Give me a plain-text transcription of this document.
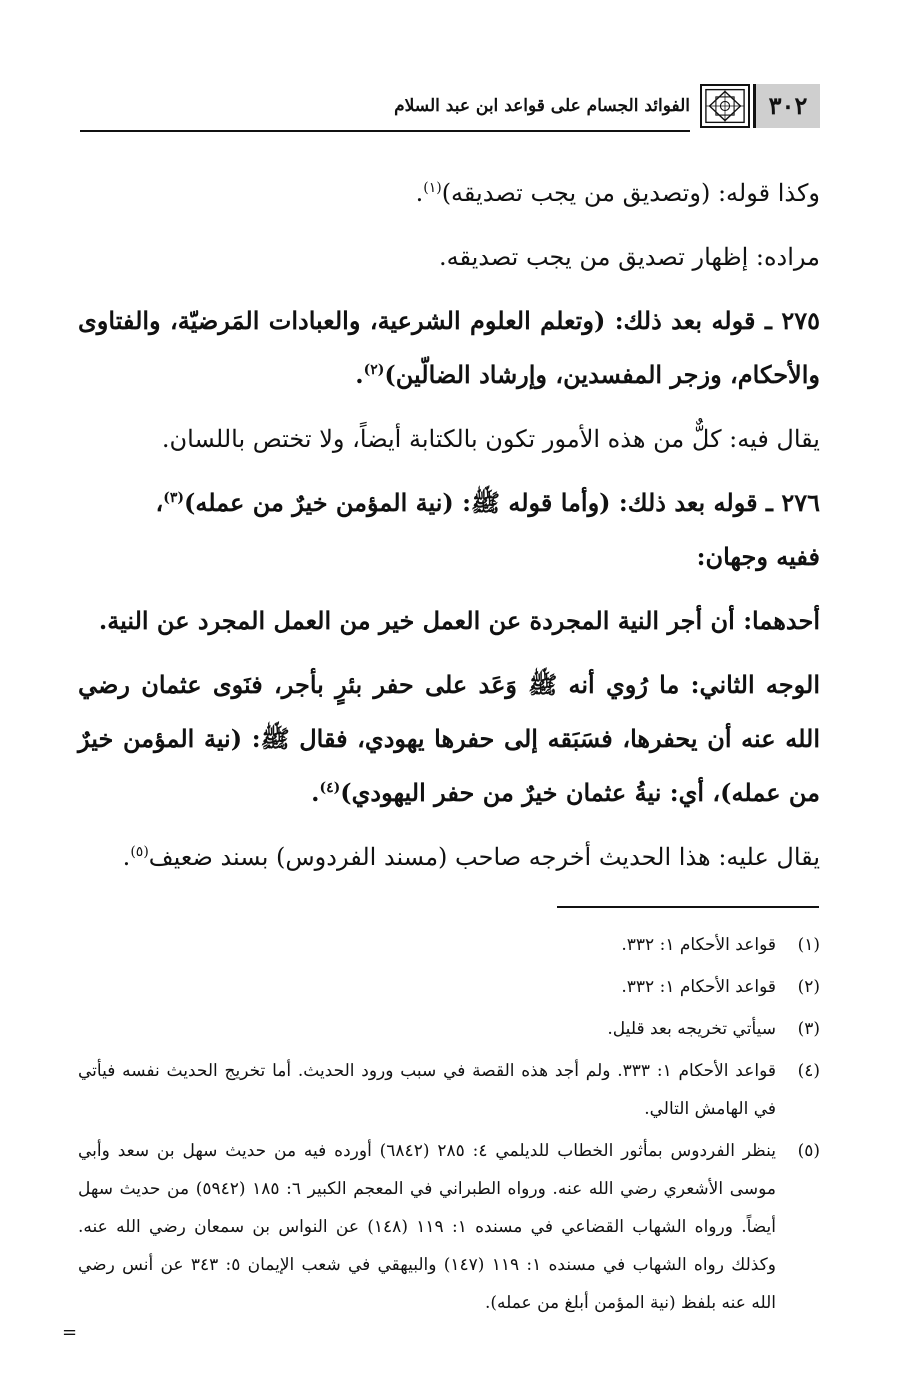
٣٠٢
الفوائد الجسام على قواعد ابن عبد السلام

وكذا قوله: (وتصديق من يجب تصديقه)$^{(١)}$.

مراده: إظهار تصديق من يجب تصديقه.

٢٧٥ ـ قوله بعد ذلك: (وتعلم العلوم الشرعية، والعبادات المَرضيّة، والفتاوى والأحكام، وزجر المفسدين، وإرشاد الضالّين)$^{(٢)}$.

يقال فيه: كلٌّ من هذه الأمور تكون بالكتابة أيضاً، ولا تختص باللسان.

٢٧٦ ـ قوله بعد ذلك: (وأما قوله ﷺ: (نية المؤمن خيرٌ من عمله)$^{(٣)}$،
ففيه وجهان:

أحدهما: أن أجر النية المجردة عن العمل خير من العمل المجرد عن النية.

الوجه الثاني: ما رُوي أنه ﷺ وَعَد على حفر بئرٍ بأجر، فنَوى عثمان رضي الله عنه أن يحفرها، فسَبَقه إلى حفرها يهودي، فقال ﷺ: (نية المؤمن خيرٌ من عمله)، أي: نيةُ عثمان خيرٌ من حفر اليهودي)$^{(٤)}$.

يقال عليه: هذا الحديث أخرجه صاحب (مسند الفردوس) بسند ضعيف$^{(٥)}$.

(١)
قواعد الأحكام ١: ٣٣٢.
(٢)
قواعد الأحكام ١: ٣٣٢.
(٣)
سيأتي تخريجه بعد قليل.
(٤)
قواعد الأحكام ١: ٣٣٣. ولم أجد هذه القصة في سبب ورود الحديث. أما تخريج الحديث نفسه فيأتي في الهامش التالي.
(٥)
ينظر الفردوس بمأثور الخطاب للديلمي ٤: ٢٨٥ (٦٨٤٢) أورده فيه من حديث سهل بن سعد وأبي موسى الأشعري رضي الله عنه. ورواه الطبراني في المعجم الكبير ٦: ١٨٥ (٥٩٤٢) من حديث سهل أيضاً. ورواه الشهاب القضاعي في مسنده ١: ١١٩ (١٤٨) عن النواس بن سمعان رضي الله عنه. وكذلك رواه الشهاب في مسنده ١: ١١٩ (١٤٧) والبيهقي في شعب الإيمان ٥: ٣٤٣ عن أنس رضي الله عنه بلفظ (نية المؤمن أبلغ من عمله).
=
